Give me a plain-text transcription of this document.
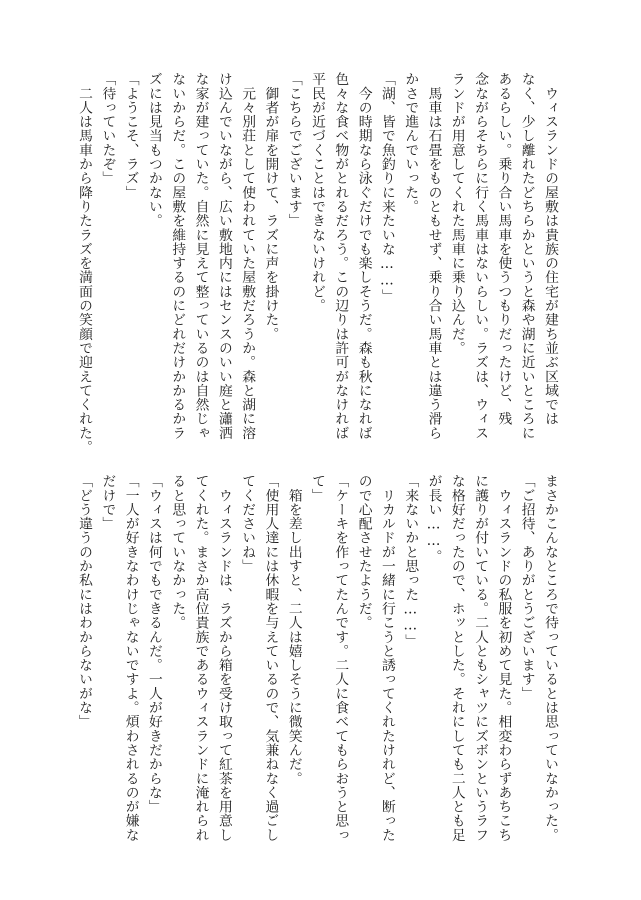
　ウィスランドの屋敷は貴族の住宅が建ち並ぶ区域では
なく、少し離れたどちらかというと森や湖に近いところに
あるらしい。乗り合い馬車を使うつもりだったけど、残
念ながらそちらに行く馬車はないらしい。ラズは、ウィス
ランドが用意してくれた馬車に乗り込んだ。
　馬車は石畳をものともせず、乗り合い馬車とは違う滑ら
かさで進んでいった。
「湖、皆で魚釣りに来たいな……」
　今の時期なら泳ぐだけでも楽しそうだ。森も秋になれば
色々な食べ物がとれるだろう。この辺りは許可がなければ
平民が近づくことはできないけれど。
「こちらでございます」
　御者が扉を開けて、ラズに声を掛けた。
　元々別荘として使われていた屋敷だろうか。森と湖に溶
け込んでいながら、広い敷地内にはセンスのいい庭と瀟洒
な家が建っていた。自然に見えて整っているのは自然じゃ
ないからだ。この屋敷を維持するのにどれだけかかるかラ
ズには見当もつかない。
「ようこそ、ラズ」
「待っていたぞ」
　二人は馬車から降りたラズを満面の笑顔で迎えてくれた。
まさかこんなところで待っているとは思っていなかった。
「ご招待、ありがとうございます」
　ウィスランドの私服を初めて見た。相変わらずあちこち
に護りが付いている。二人ともシャツにズボンというラフ
な格好だったので、ホッとした。それにしても二人とも足
が長い……。
「来ないかと思った……」
　リカルドが一緒に行こうと誘ってくれたけれど、断った
ので心配させたようだ。
「ケーキを作ってたんです。二人に食べてもらおうと思っ
て」
　箱を差し出すと、二人は嬉しそうに微笑んだ。
「使用人達には休暇を与えているので、気兼ねなく過ごし
てくださいね」
　ウィスランドは、ラズから箱を受け取って紅茶を用意し
てくれた。まさか高位貴族であるウィスランドに淹れられ
ると思っていなかった。
「ウィスは何でもできるんだ。一人が好きだからな」
「一人が好きなわけじゃないですよ。煩わされるのが嫌な
だけで」
「どう違うのか私にはわからないがな」
